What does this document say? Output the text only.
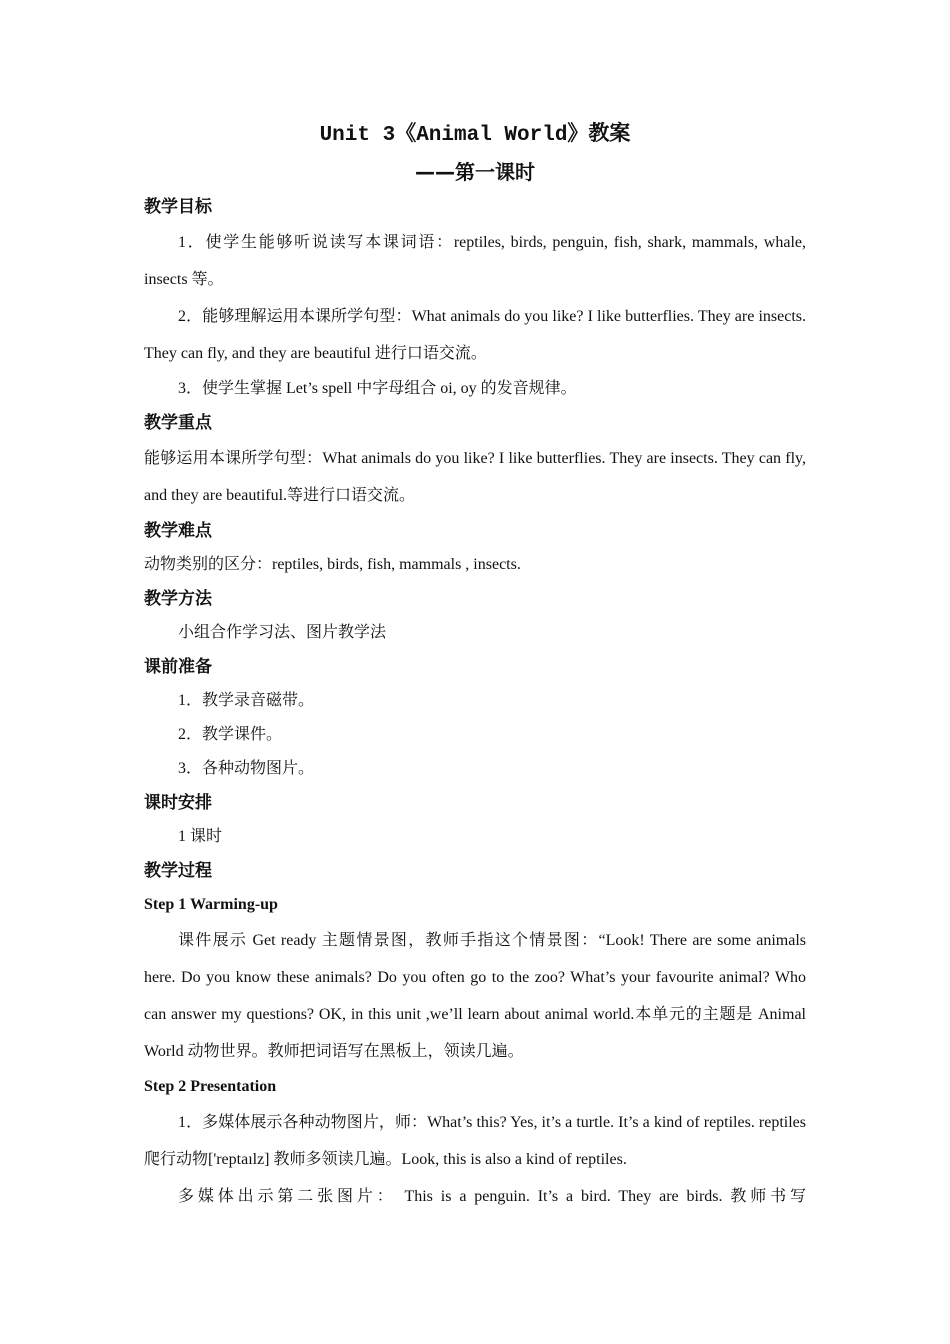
Unit 3《Animal World》教案

——第一课时

教学目标

1．使学生能够听说读写本课词语：reptiles, birds, penguin, fish, shark, mammals, whale, insects 等。

2．能够理解运用本课所学句型：What animals do you like? I like butterflies. They are insects. They can fly, and they are beautiful 进行口语交流。

3．使学生掌握 Let’s spell 中字母组合 oi, oy 的发音规律。

教学重点

能够运用本课所学句型：What animals do you like? I like butterflies. They are insects. They can fly, and they are beautiful.等进行口语交流。

教学难点

动物类别的区分：reptiles, birds, fish, mammals , insects.

教学方法

小组合作学习法、图片教学法

课前准备

1．教学录音磁带。

2．教学课件。

3．各种动物图片。

课时安排

1 课时

教学过程

Step 1 Warming-up

课件展示 Get ready 主题情景图，教师手指这个情景图：“Look! There are some animals here. Do you know these animals? Do you often go to the zoo? What’s your favourite animal? Who can answer my questions? OK, in this unit ,we’ll learn about animal world.本单元的主题是 Animal World 动物世界。教师把词语写在黑板上，领读几遍。

Step 2 Presentation

1．多媒体展示各种动物图片，师：What’s this? Yes, it’s a turtle. It’s a kind of reptiles. reptiles 爬行动物['reptaılz] 教师多领读几遍。Look, this is also a kind of reptiles.

多媒体出示第二张图片： This is a penguin. It’s a bird. They are birds. 教师书写
